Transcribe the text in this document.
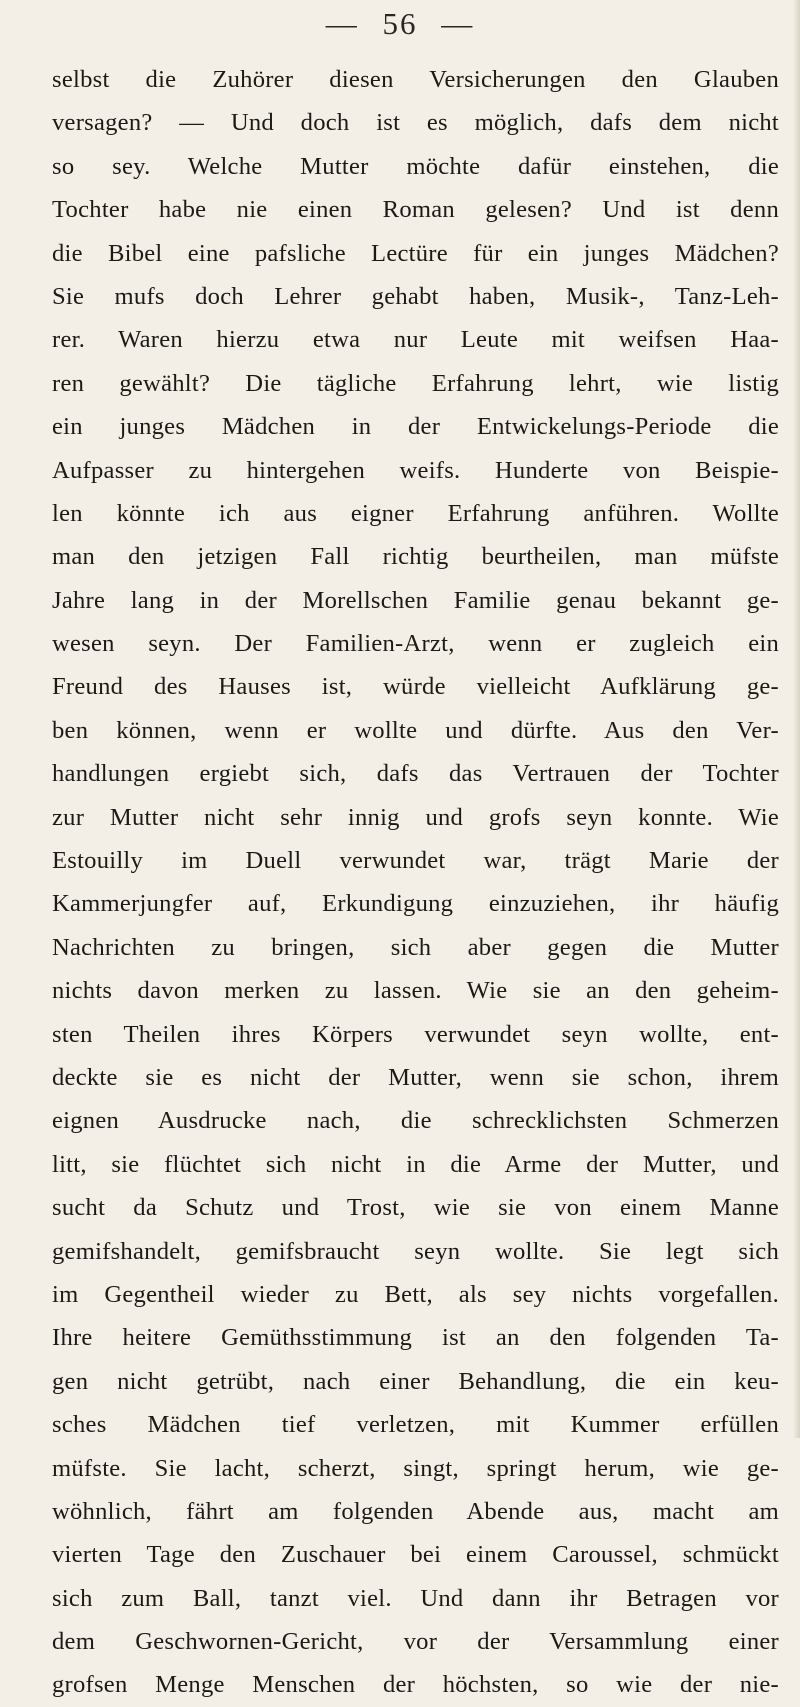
— 56 —
selbst die Zuhörer diesen Versicherungen den Glauben
versagen? — Und doch ist es möglich, dafs dem nicht
so sey. Welche Mutter möchte dafür einstehen, die
Tochter habe nie einen Roman gelesen? Und ist denn
die Bibel eine pafsliche Lectüre für ein junges Mädchen?
Sie mufs doch Lehrer gehabt haben, Musik-, Tanz-Leh-
rer. Waren hierzu etwa nur Leute mit weifsen Haa-
ren gewählt? Die tägliche Erfahrung lehrt, wie listig
ein junges Mädchen in der Entwickelungs-Periode die
Aufpasser zu hintergehen weifs. Hunderte von Beispie-
len könnte ich aus eigner Erfahrung anführen. Wollte
man den jetzigen Fall richtig beurtheilen, man müfste
Jahre lang in der Morellschen Familie genau bekannt ge-
wesen seyn. Der Familien-Arzt, wenn er zugleich ein
Freund des Hauses ist, würde vielleicht Aufklärung ge-
ben können, wenn er wollte und dürfte. Aus den Ver-
handlungen ergiebt sich, dafs das Vertrauen der Tochter
zur Mutter nicht sehr innig und grofs seyn konnte. Wie
Estouilly im Duell verwundet war, trägt Marie der
Kammerjungfer auf, Erkundigung einzuziehen, ihr häufig
Nachrichten zu bringen, sich aber gegen die Mutter
nichts davon merken zu lassen. Wie sie an den geheim-
sten Theilen ihres Körpers verwundet seyn wollte, ent-
deckte sie es nicht der Mutter, wenn sie schon, ihrem
eignen Ausdrucke nach, die schrecklichsten Schmerzen
litt, sie flüchtet sich nicht in die Arme der Mutter, und
sucht da Schutz und Trost, wie sie von einem Manne
gemifshandelt, gemifsbraucht seyn wollte. Sie legt sich
im Gegentheil wieder zu Bett, als sey nichts vorgefallen.
Ihre heitere Gemüthsstimmung ist an den folgenden Ta-
gen nicht getrübt, nach einer Behandlung, die ein keu-
sches Mädchen tief verletzen, mit Kummer erfüllen
müfste. Sie lacht, scherzt, singt, springt herum, wie ge-
wöhnlich, fährt am folgenden Abende aus, macht am
vierten Tage den Zuschauer bei einem Caroussel, schmückt
sich zum Ball, tanzt viel. Und dann ihr Betragen vor
dem Geschwornen-Gericht, vor der Versammlung einer
grofsen Menge Menschen der höchsten, so wie der nie-
